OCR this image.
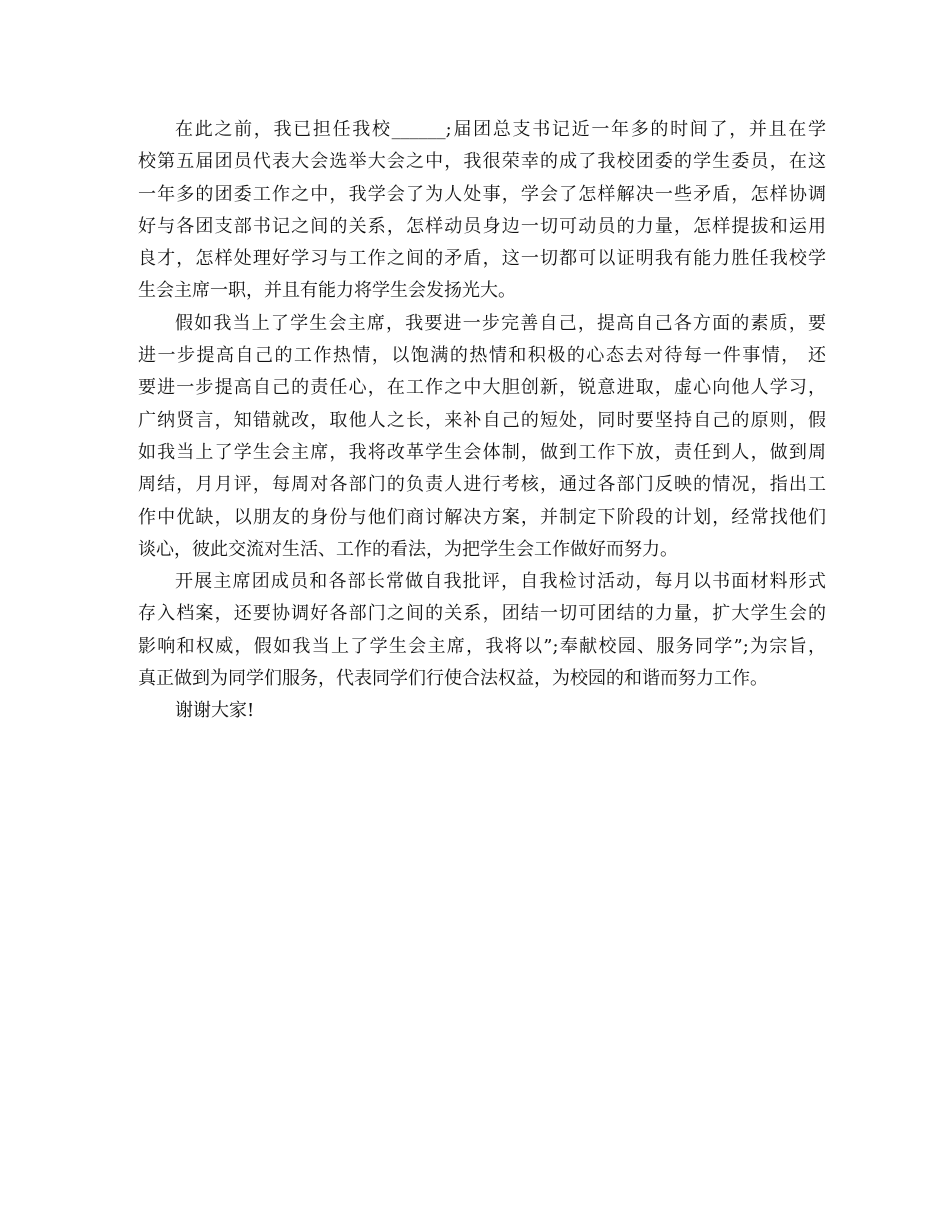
在此之前，我已担任我校______;届团总支书记近一年多的时间了，并且在学
校第五届团员代表大会选举大会之中，我很荣幸的成了我校团委的学生委员，在这
一年多的团委工作之中，我学会了为人处事，学会了怎样解决一些矛盾，怎样协调
好与各团支部书记之间的关系，怎样动员身边一切可动员的力量，怎样提拔和运用
良才，怎样处理好学习与工作之间的矛盾，这一切都可以证明我有能力胜任我校学
生会主席一职，并且有能力将学生会发扬光大。
假如我当上了学生会主席，我要进一步完善自己，提高自己各方面的素质，要
进一步提高自己的工作热情，以饱满的热情和积极的心态去对待每一件事情， 还
要进一步提高自己的责任心，在工作之中大胆创新，锐意进取，虚心向他人学习，
广纳贤言，知错就改，取他人之长，来补自己的短处，同时要坚持自己的原则，假
如我当上了学生会主席，我将改革学生会体制，做到工作下放，责任到人，做到周
周结，月月评，每周对各部门的负责人进行考核，通过各部门反映的情况，指出工
作中优缺，以朋友的身份与他们商讨解决方案，并制定下阶段的计划，经常找他们
谈心，彼此交流对生活、工作的看法，为把学生会工作做好而努力。
开展主席团成员和各部长常做自我批评，自我检讨活动，每月以书面材料形式
存入档案，还要协调好各部门之间的关系，团结一切可团结的力量，扩大学生会的
影响和权威，假如我当上了学生会主席，我将以”;奉献校园、服务同学”;为宗旨，
真正做到为同学们服务，代表同学们行使合法权益，为校园的和谐而努力工作。
谢谢大家!
